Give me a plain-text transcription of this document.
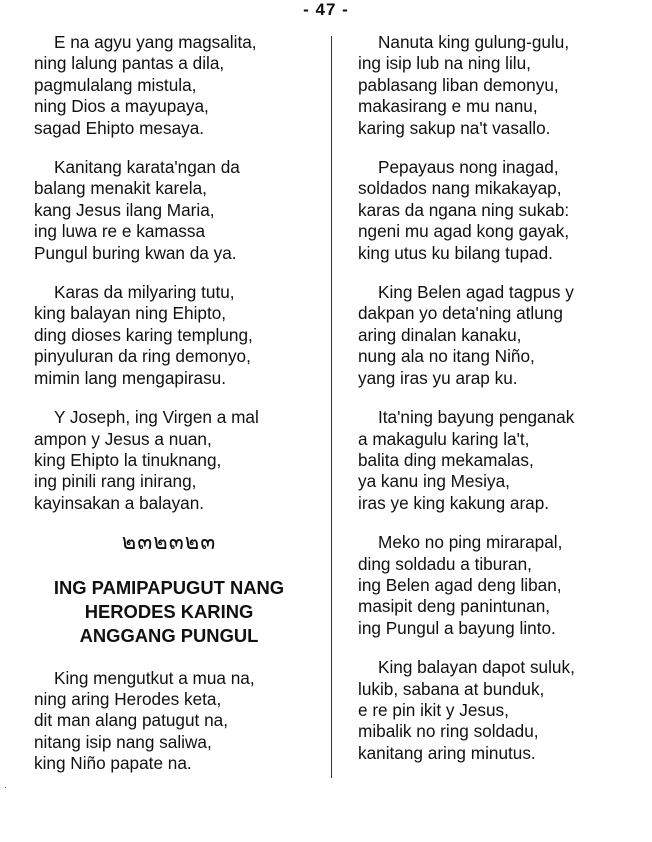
- 47 -
E na agyu yang magsalita,
ning lalung pantas a dila,
pagmulalang mistula,
ning Dios a mayupaya,
sagad Ehipto mesaya.
Kanitang karata'ngan da
balang menakit karela,
kang Jesus ilang Maria,
ing luwa re e kamassa
Pungul buring kwan da ya.
Karas da milyaring tutu,
king balayan ning Ehipto,
ding dioses karing templung,
pinyuluran da ring demonyo,
mimin lang mengapirasu.
Y Joseph, ing Virgen a mal
ampon y Jesus a nuan,
king Ehipto la tinuknang,
ing pinili rang inirang,
kayinsakan a balayan.
๒๓๒๓๒๓
ING PAMIPAPUGUT NANG
HERODES KARING
ANGGANG PUNGUL
King mengutkut a mua na,
ning aring Herodes keta,
dit man alang patugut na,
nitang isip nang saliwa,
king Niño papate na.
Nanuta king gulung-gulu,
ing isip lub na ning lilu,
pablasang liban demonyu,
makasirang e mu nanu,
karing sakup na't vasallo.
Pepayaus nong inagad,
soldados nang mikakayap,
karas da ngana ning sukab:
ngeni mu agad kong gayak,
king utus ku bilang tupad.
King Belen agad tagpus y
dakpan yo deta'ning atlung
aring dinalan kanaku,
nung ala no itang Niño,
yang iras yu arap ku.
Ita'ning bayung penganak
a makagulu karing la't,
balita ding mekamalas,
ya kanu ing Mesiya,
iras ye king kakung arap.
Meko no ping mirarapal,
ding soldadu a tiburan,
ing Belen agad deng liban,
masipit deng panintunan,
ing Pungul a bayung linto.
King balayan dapot suluk,
lukib, sabana at bunduk,
e re pin ikit y Jesus,
mibalik no ring soldadu,
kanitang aring minutus.
·
